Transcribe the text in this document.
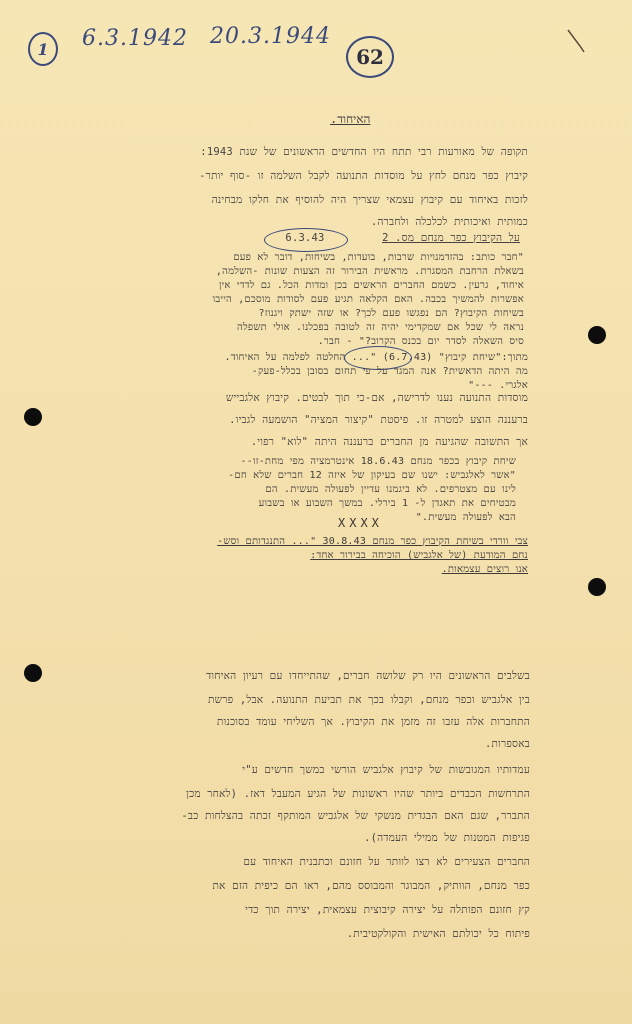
1 6.3.1942 20.3.1944
62
האיחוד.
תקופה של מאורעות רבי תתח היו החדשים הראשונים של שנת 1943:
קיבוץ כפר מנחם לחץ על מוסדות התנועה לקבל השלמה זו -סוף יותר-
לזכות באיחוד עם קיבוץ עצמאי שצריך היה להוסיף את חלקו מבחינה
כמותית ואיכותית לכלכלה ולחברה.
על הקיבוץ כפר מנחם מס. 2
6.3.43
"חבר כותב: בהזדמנויות שרבות, בועדות, בשיחות, דובר לא פעם
בשאלת הרחבת המסגרת. מראשית הבירור זה הצעות שונות -השלמה,
איחוד, גרעין. כשמם החברים הראשים בכן ומדות הכל. גם לדדי אין
אפשרות להמשיך בכבה. האם הקלאה תגיע פעם לסודות מוסכם, הייבו
בשיחות הקיבוץ? הם נפגשו פעם לכך? או שזה ישתק ויגנוז?
נראה לי שכל אם שמקדימי יהיה זה לטובה בפכלנו. אולי תשפלה
סיס השאלה לסדר יום בכנס הקרוב?" - חבר.
מתוך:"שיחת קיבוץ" (6.7.43) "... החלטה לפלמה על האיחוד.
מה היתה הדאשית? אנה המגד על פי תחום בסובן בכלל-פעק-
אלגרי. ---"
מוסדות התנועה נענו לדרישה, אם-כי תוך לבטים. קיבוץ אלגבייש
ברעננה הוצע למטרה זו. פיסטת "קיצור המציה" הושמעה לגביו.
אך התשובה שהגיעה מן החברים ברעננה היתה "לוא" רפוי.
שיחת קיבוץ בכפר מנחם 18.6.43 אינטרמציה מפי מחת-זו--
"אשר לאלגביש: ישנו שם בעיקון של איזה 12 חברים שלא חם-
לינו עם מצטרפים. לא ביגמנו עדיין לפעולה מעשית. הם
מבטיחים את תאגדן ל- 1 בירלי. במשך השבוע או בשבוע
הבא לפעולה מעשית."
XXXX
צבי וורדי בשיחת הקיבוץ כפר מנחם 30.8.43 "... התנגדותם וסש-
נחם המודעת (של אלגביש) הוכיחה בבירור אחד:
אנו רוצים עצמאות.
בשלבים הראשונים היו רק שלושה חברים, שהתייחדו עם רעיון האיחוד
בין אלגביש וכפר מנחם, וקבלו בכך את תביעת התנועה. אבל, פרשת
התחברות אלה עזבו זה מזמן את הקיבוץ. אך השליחי עומד בסוכנות
באספרות.
עמדותיו המגובשות של קיבוץ אלגביש הורשי במשך חדשים ע"י
התרחשות הכבדים ביותר שהיו ראשונות של הגיע המעבל דאז. (לאחר מכן
התברר, שגם האם הבגדית מנשקי של אלגביש המותקף זכתה בהצלחות כב-
פגיפות המטנות של ממילי העמדה).
החברים הצעירים לא רצו לוותר על חזונם וכתבנית האיחוד עם
כפר מנחם, הוותיק, המבוגר והמבוסס מהם, ראו הם כיפית הזם את
קץ חזונם הפותלה על יצירה קיבוצית עצמאית, יצירה תוך כדי
פיתוח כל יכולתם האישית והקולקטיבית.
